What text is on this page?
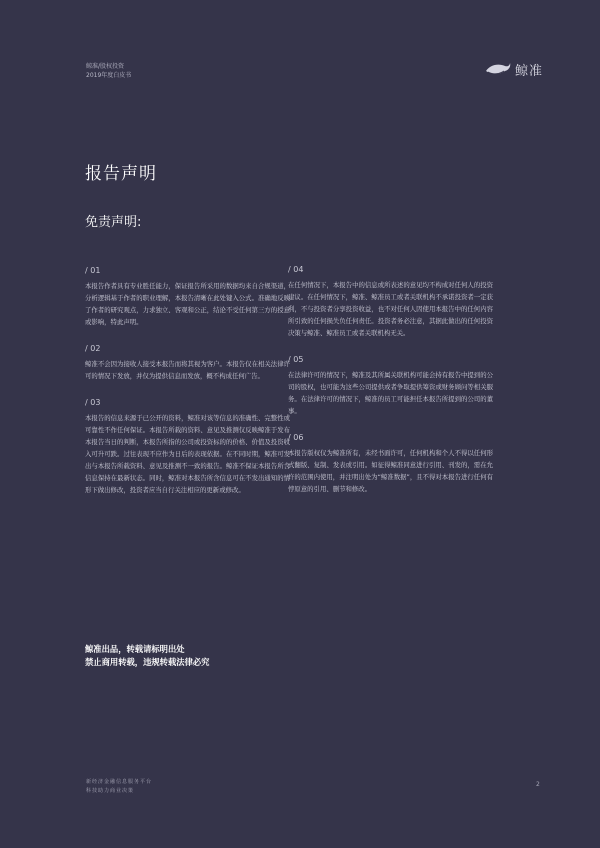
鲸准/股权投资
2019年度白皮书	鲸准
报告声明
免责声明:
/ 01
本报告作者具有专业胜任能力，保证报告所采用的数据均来自合规渠道，分析逻辑基于作者的职业理解，本报告清晰在此处键入公式。准确地反映了作者的研究观点，力求独立、客观和公正，结论不受任何第三方的授意或影响，特此声明。
/ 02
鲸准不会因为接收人接受本报告而将其视为客户。本报告仅在相关法律许可的情况下发放，并仅为提供信息而发放，概不构成任何广告。
/ 03
本报告的信息来源于已公开的资料，鲸准对该等信息的准确性、完整性或可靠性不作任何保证。本报告所载的资料、意见及推测仅反映鲸准于发布本报告当日的判断，本报告所指的公司或投资标的的价格、价值及投资收入可升可跌。过往表现不应作为日后的表现依据。在不同时期，鲸准可发出与本报告所载资料、意见及推测不一致的报告。鲸准不保证本报告所含信息保持在最新状态。同时，鲸准对本报告所含信息可在不发出通知的情形下做出修改，投资者应当自行关注相应的更新或修改。
/ 04
在任何情况下，本报告中的信息或所表述的意见均不构成对任何人的投资建议。在任何情况下，鲸准、鲸准员工或者关联机构不承诺投资者一定获利，不与投资者分享投资收益，也不对任何人因使用本报告中的任何内容所引致的任何损失负任何责任。投资者务必注意，其据此做出的任何投资决策与鲸准、鲸准员工或者关联机构无关。
/ 05
在法律许可的情况下，鲸准及其所属关联机构可能会持有报告中提到的公司的股权，也可能为这些公司提供或者争取提供筹资或财务顾问等相关服务。在法律许可的情况下，鲸准的员工可能担任本报告所提到的公司的董事。
/ 06
本报告版权仅为鲸准所有，未经书面许可，任何机构和个人不得以任何形式翻版、复制、发表或引用。如征得鲸准同意进行引用、刊发的，需在允许的范围内使用，并注明出处为“鲸准数据”，且不得对本报告进行任何有悖原意的引用、删节和修改。
鲸准出品，转载请标明出处
禁止商用转载，违规转载法律必究
新经济金融信息服务平台
科技助力商业决策
2
